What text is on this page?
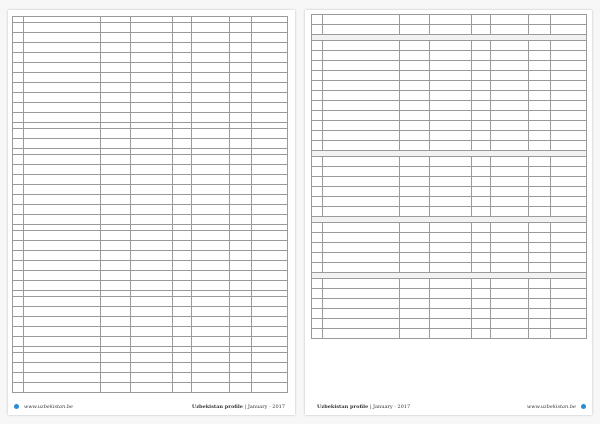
www.uzbekistan.be	Uzbekistan profile | January · 2017

								Uzbekistan profile | January · 2017	www.uzbekistan.be
